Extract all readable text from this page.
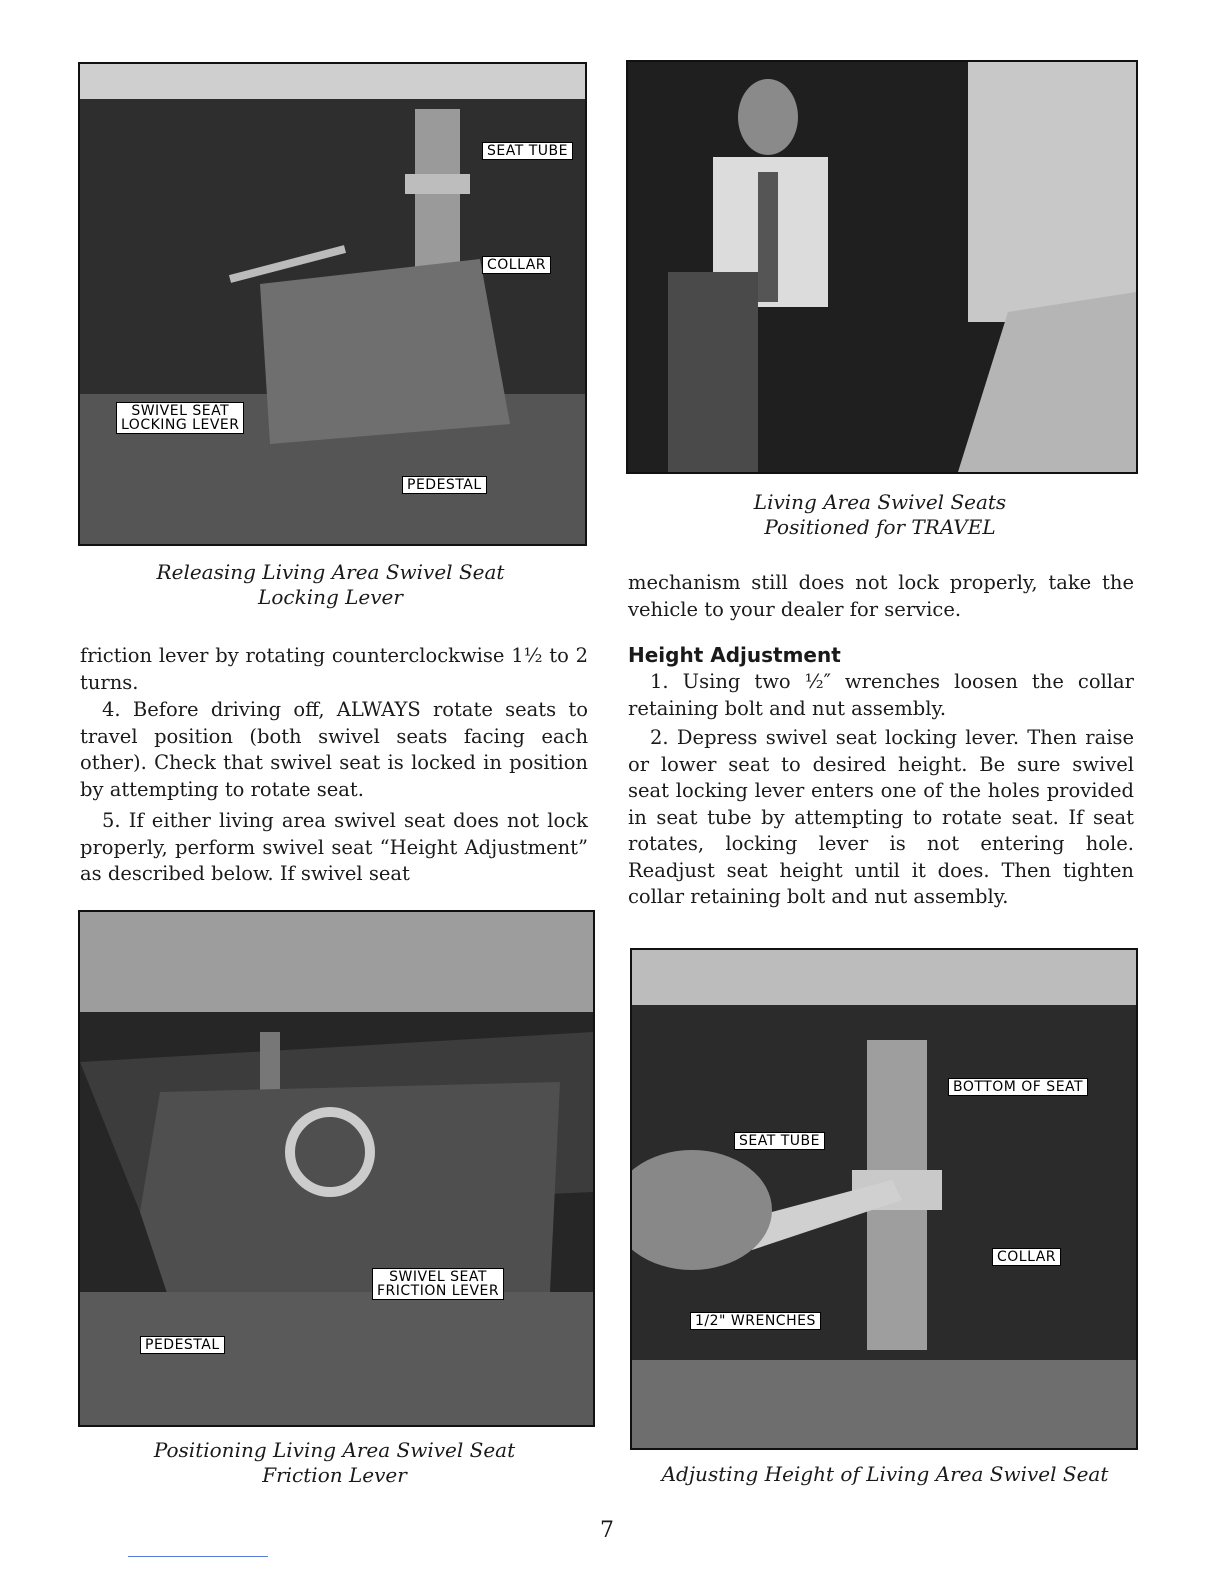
SEAT TUBE
COLLAR
SWIVEL SEAT
LOCKING LEVER
PEDESTAL
Releasing Living Area Swivel Seat
Locking Lever
Living Area Swivel Seats
Positioned for TRAVEL

friction lever by rotating counterclockwise 1½ to 2 turns.

4. Before driving off, ALWAYS rotate seats to travel position (both swivel seats facing each other). Check that swivel seat is locked in position by attempting to rotate seat.

5. If either living area swivel seat does not lock properly, perform swivel seat “Height Adjustment” as described below. If swivel seat

mechanism still does not lock properly, take the vehicle to your dealer for service.

Height Adjustment

1. Using two ½″ wrenches loosen the collar retaining bolt and nut assembly.

2. Depress swivel seat locking lever. Then raise or lower seat to desired height. Be sure swivel seat locking lever enters one of the holes provided in seat tube by attempting to rotate seat. If seat rotates, locking lever is not entering hole. Readjust seat height until it does. Then tighten collar retaining bolt and nut assembly.

SWIVEL SEAT
FRICTION LEVER
PEDESTAL
Positioning Living Area Swivel Seat
Friction Lever
BOTTOM OF SEAT
SEAT TUBE
COLLAR
1/2" WRENCHES
Adjusting Height of Living Area Swivel Seat
7
